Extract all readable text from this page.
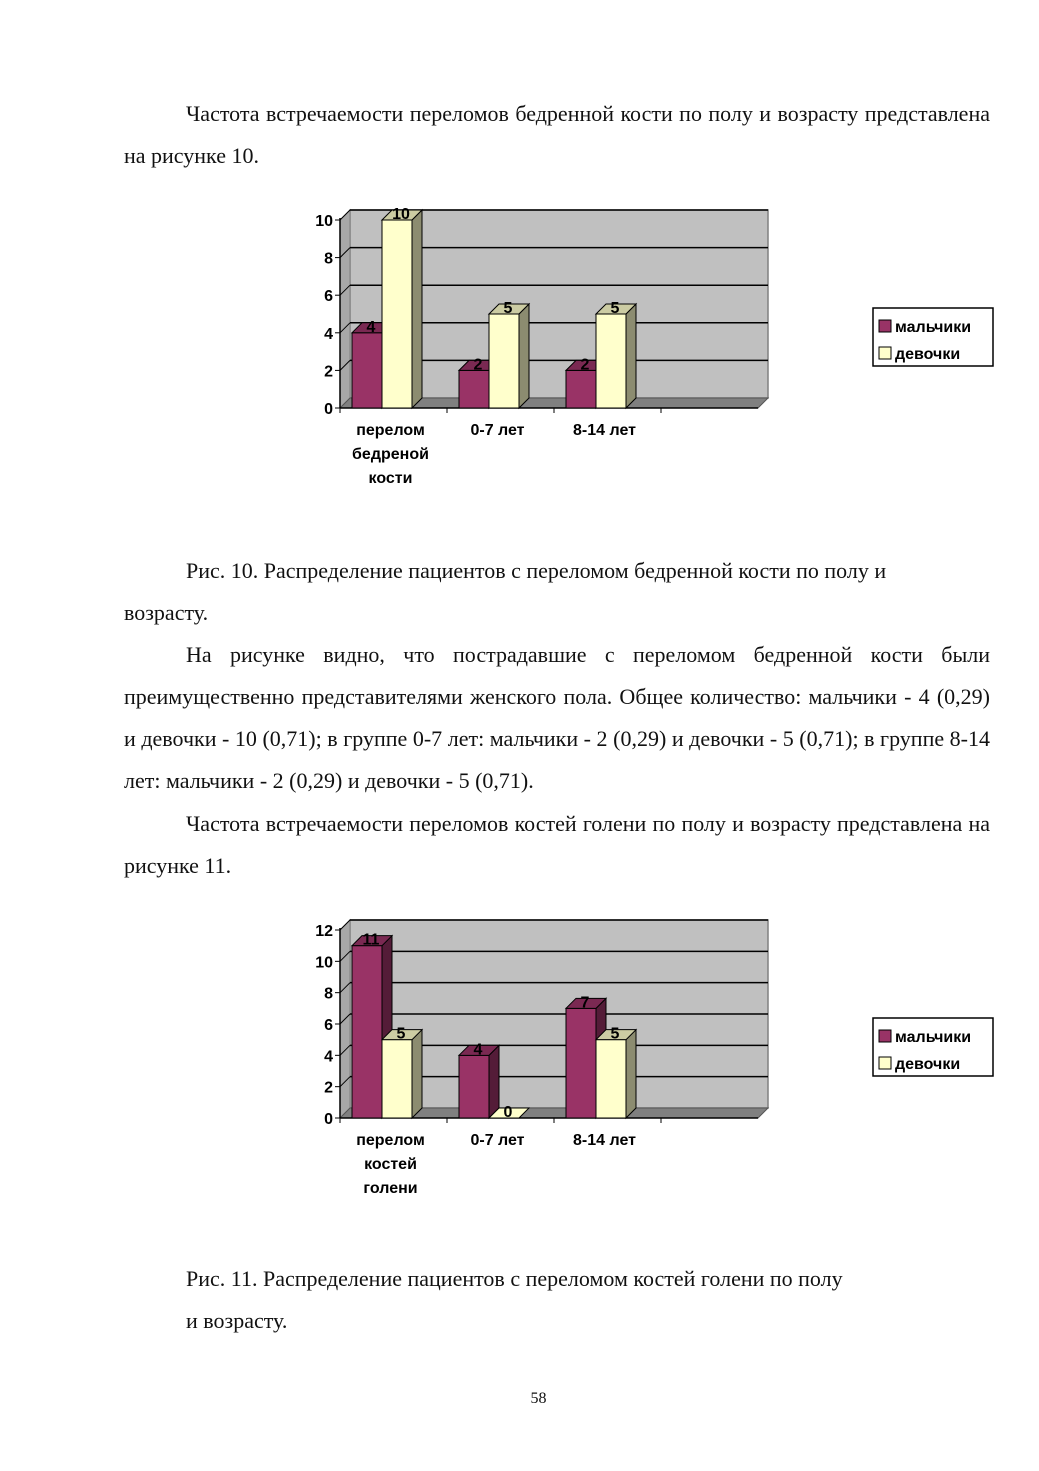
Частота встречаемости переломов бедренной кости по полу и возрасту представлена на рисунке 10.

0
2
4
6
8
10
4
10
перелом
бедреной
кости
2
5
0-7 лет
2
5
8-14 лет
мальчики
девочки
Рис. 10. Распределение пациентов с переломом бедренной кости по полу и
возрасту.

На рисунке видно, что пострадавшие с переломом бедренной кости были преимущественно представителями женского пола. Общее количество: мальчики - 4 (0,29) и девочки - 10 (0,71); в группе 0-7 лет: мальчики - 2 (0,29) и девочки - 5 (0,71); в группе 8-14 лет: мальчики - 2 (0,29) и девочки - 5 (0,71).

Частота встречаемости переломов костей голени по полу и возрасту представлена на рисунке 11.

0
2
4
6
8
10
12
11
5
перелом
костей
голени
4
0
0-7 лет
7
5
8-14 лет
мальчики
девочки
Рис. 11. Распределение пациентов с переломом костей голени по полу
и возрасту.
58
